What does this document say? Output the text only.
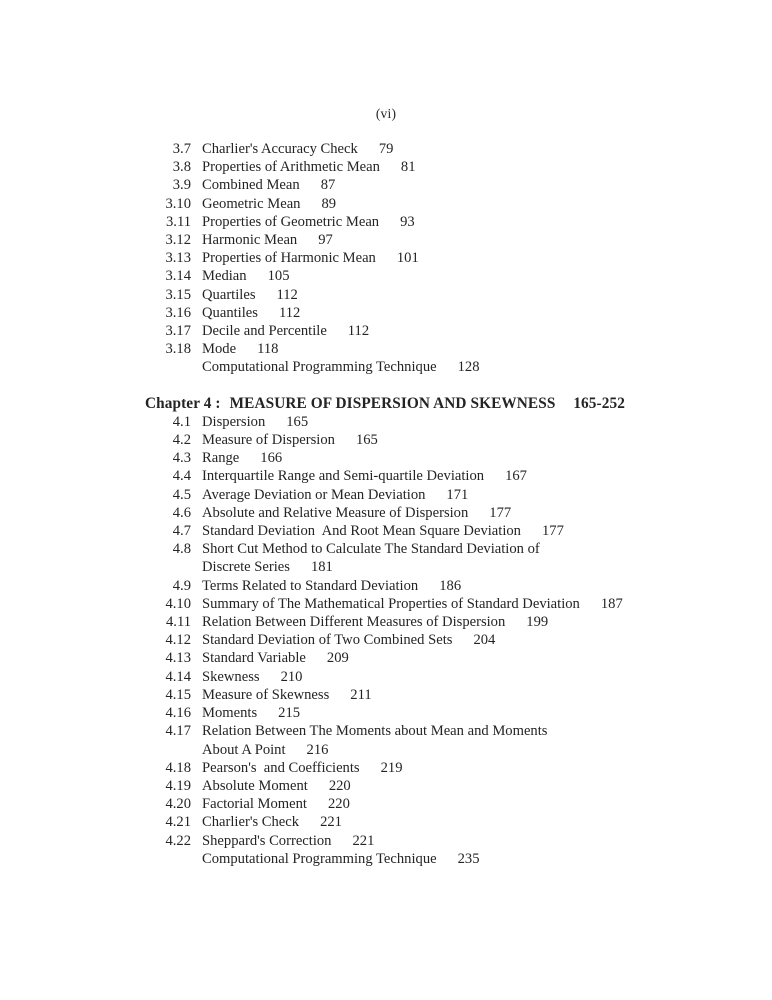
(vi)
3.7 Charlier's Accuracy Check 79
3.8 Properties of Arithmetic Mean 81
3.9 Combined Mean 87
3.10 Geometric Mean 89
3.11 Properties of Geometric Mean 93
3.12 Harmonic Mean 97
3.13 Properties of Harmonic Mean 101
3.14 Median 105
3.15 Quartiles 112
3.16 Quantiles 112
3.17 Decile and Percentile 112
3.18 Mode 118
Computational Programming Technique 128
Chapter 4 : MEASURE OF DISPERSION AND SKEWNESS 165-252
4.1 Dispersion 165
4.2 Measure of Dispersion 165
4.3 Range 166
4.4 Interquartile Range and Semi-quartile Deviation 167
4.5 Average Deviation or Mean Deviation 171
4.6 Absolute and Relative Measure of Dispersion 177
4.7 Standard Deviation  And Root Mean Square Deviation 177
4.8 Short Cut Method to Calculate The Standard Deviation of
Discrete Series 181
4.9 Terms Related to Standard Deviation 186
4.10 Summary of The Mathematical Properties of Standard Deviation 187
4.11 Relation Between Different Measures of Dispersion 199
4.12 Standard Deviation of Two Combined Sets 204
4.13 Standard Variable 209
4.14 Skewness 210
4.15 Measure of Skewness 211
4.16 Moments 215
4.17 Relation Between The Moments about Mean and Moments
About A Point 216
4.18 Pearson's  and Coefficients 219
4.19 Absolute Moment 220
4.20 Factorial Moment 220
4.21 Charlier's Check 221
4.22 Sheppard's Correction 221
Computational Programming Technique 235
